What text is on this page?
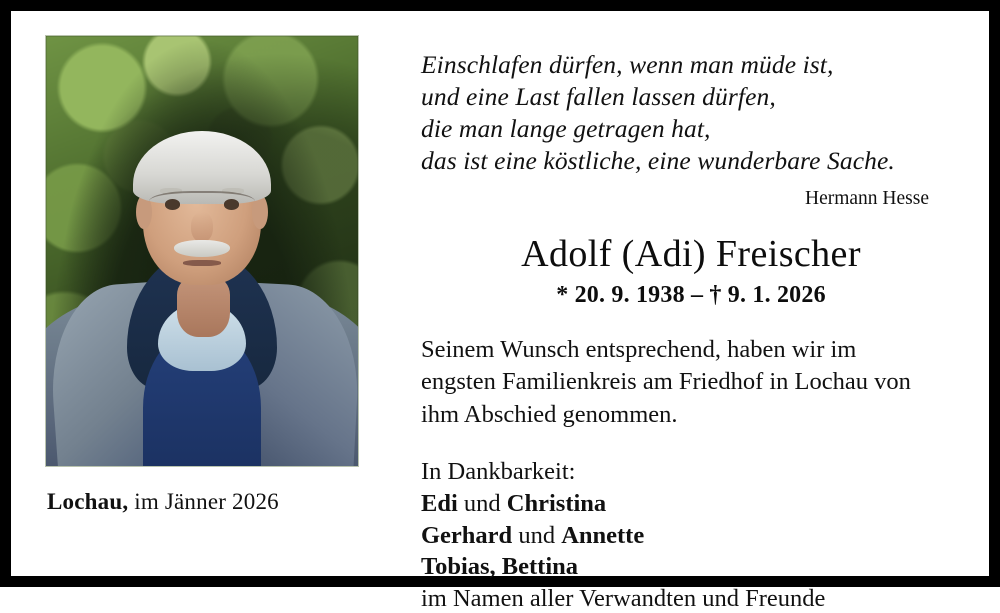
Lochau, im Jänner 2026
Einschlafen dürfen, wenn man müde ist,
und eine Last fallen lassen dürfen,
die man lange getragen hat,
das ist eine köstliche, eine wunderbare Sache.
Hermann Hesse
Adolf (Adi) Freischer
* 20. 9. 1938 – † 9. 1. 2026
Seinem Wunsch entsprechend, haben wir im
engsten Familienkreis am Friedhof in Lochau von
ihm Abschied genommen.
In Dankbarkeit:
Edi und Christina
Gerhard und Annette
Tobias, Bettina
im Namen aller Verwandten und Freunde
